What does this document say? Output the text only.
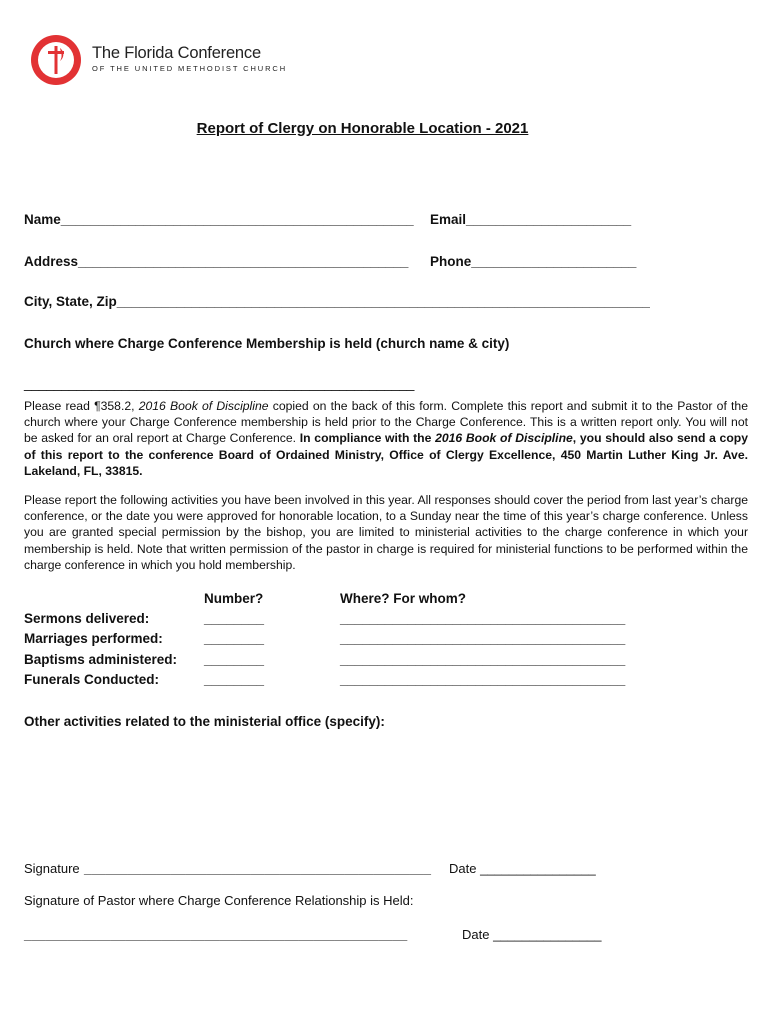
The Florida Conference
OF THE UNITED METHODIST CHURCH
Report of Clergy on Honorable Location - 2021
Name_______________________________________________ Email______________________
Address____________________________________________ Phone______________________
City, State, Zip_______________________________________________________________________
Church where Charge Conference Membership is held (church name & city)
____________________________________________________
Please read ¶358.2, 2016 Book of Discipline copied on the back of this form. Complete this report and submit it to the Pastor of the church where your Charge Conference membership is held prior to the Charge Conference. This is a written report only. You will not be asked for an oral report at Charge Conference. In compliance with the 2016 Book of Discipline, you should also send a copy of this report to the conference Board of Ordained Ministry, Office of Clergy Excellence, 450 Martin Luther King Jr. Ave. Lakeland, FL, 33815.
Please report the following activities you have been involved in this year. All responses should cover the period from last year’s charge conference, or the date you were approved for honorable location, to a Sunday near the time of this year’s charge conference. Unless you are granted special permission by the bishop, you are limited to ministerial activities to the charge conference in which your membership is held. Note that written permission of the pastor in charge is required for ministerial functions to be performed within the charge conference in which you hold membership.
Number?	Where? For whom?
Sermons delivered:	________	______________________________________
Marriages performed:	________	______________________________________
Baptisms administered: ________	______________________________________
Funerals Conducted:	________	______________________________________
Other activities related to the ministerial office (specify):
Signature ________________________________________________ Date ________________
Signature of Pastor where Charge Conference Relationship is Held:
_____________________________________________________	Date _______________
